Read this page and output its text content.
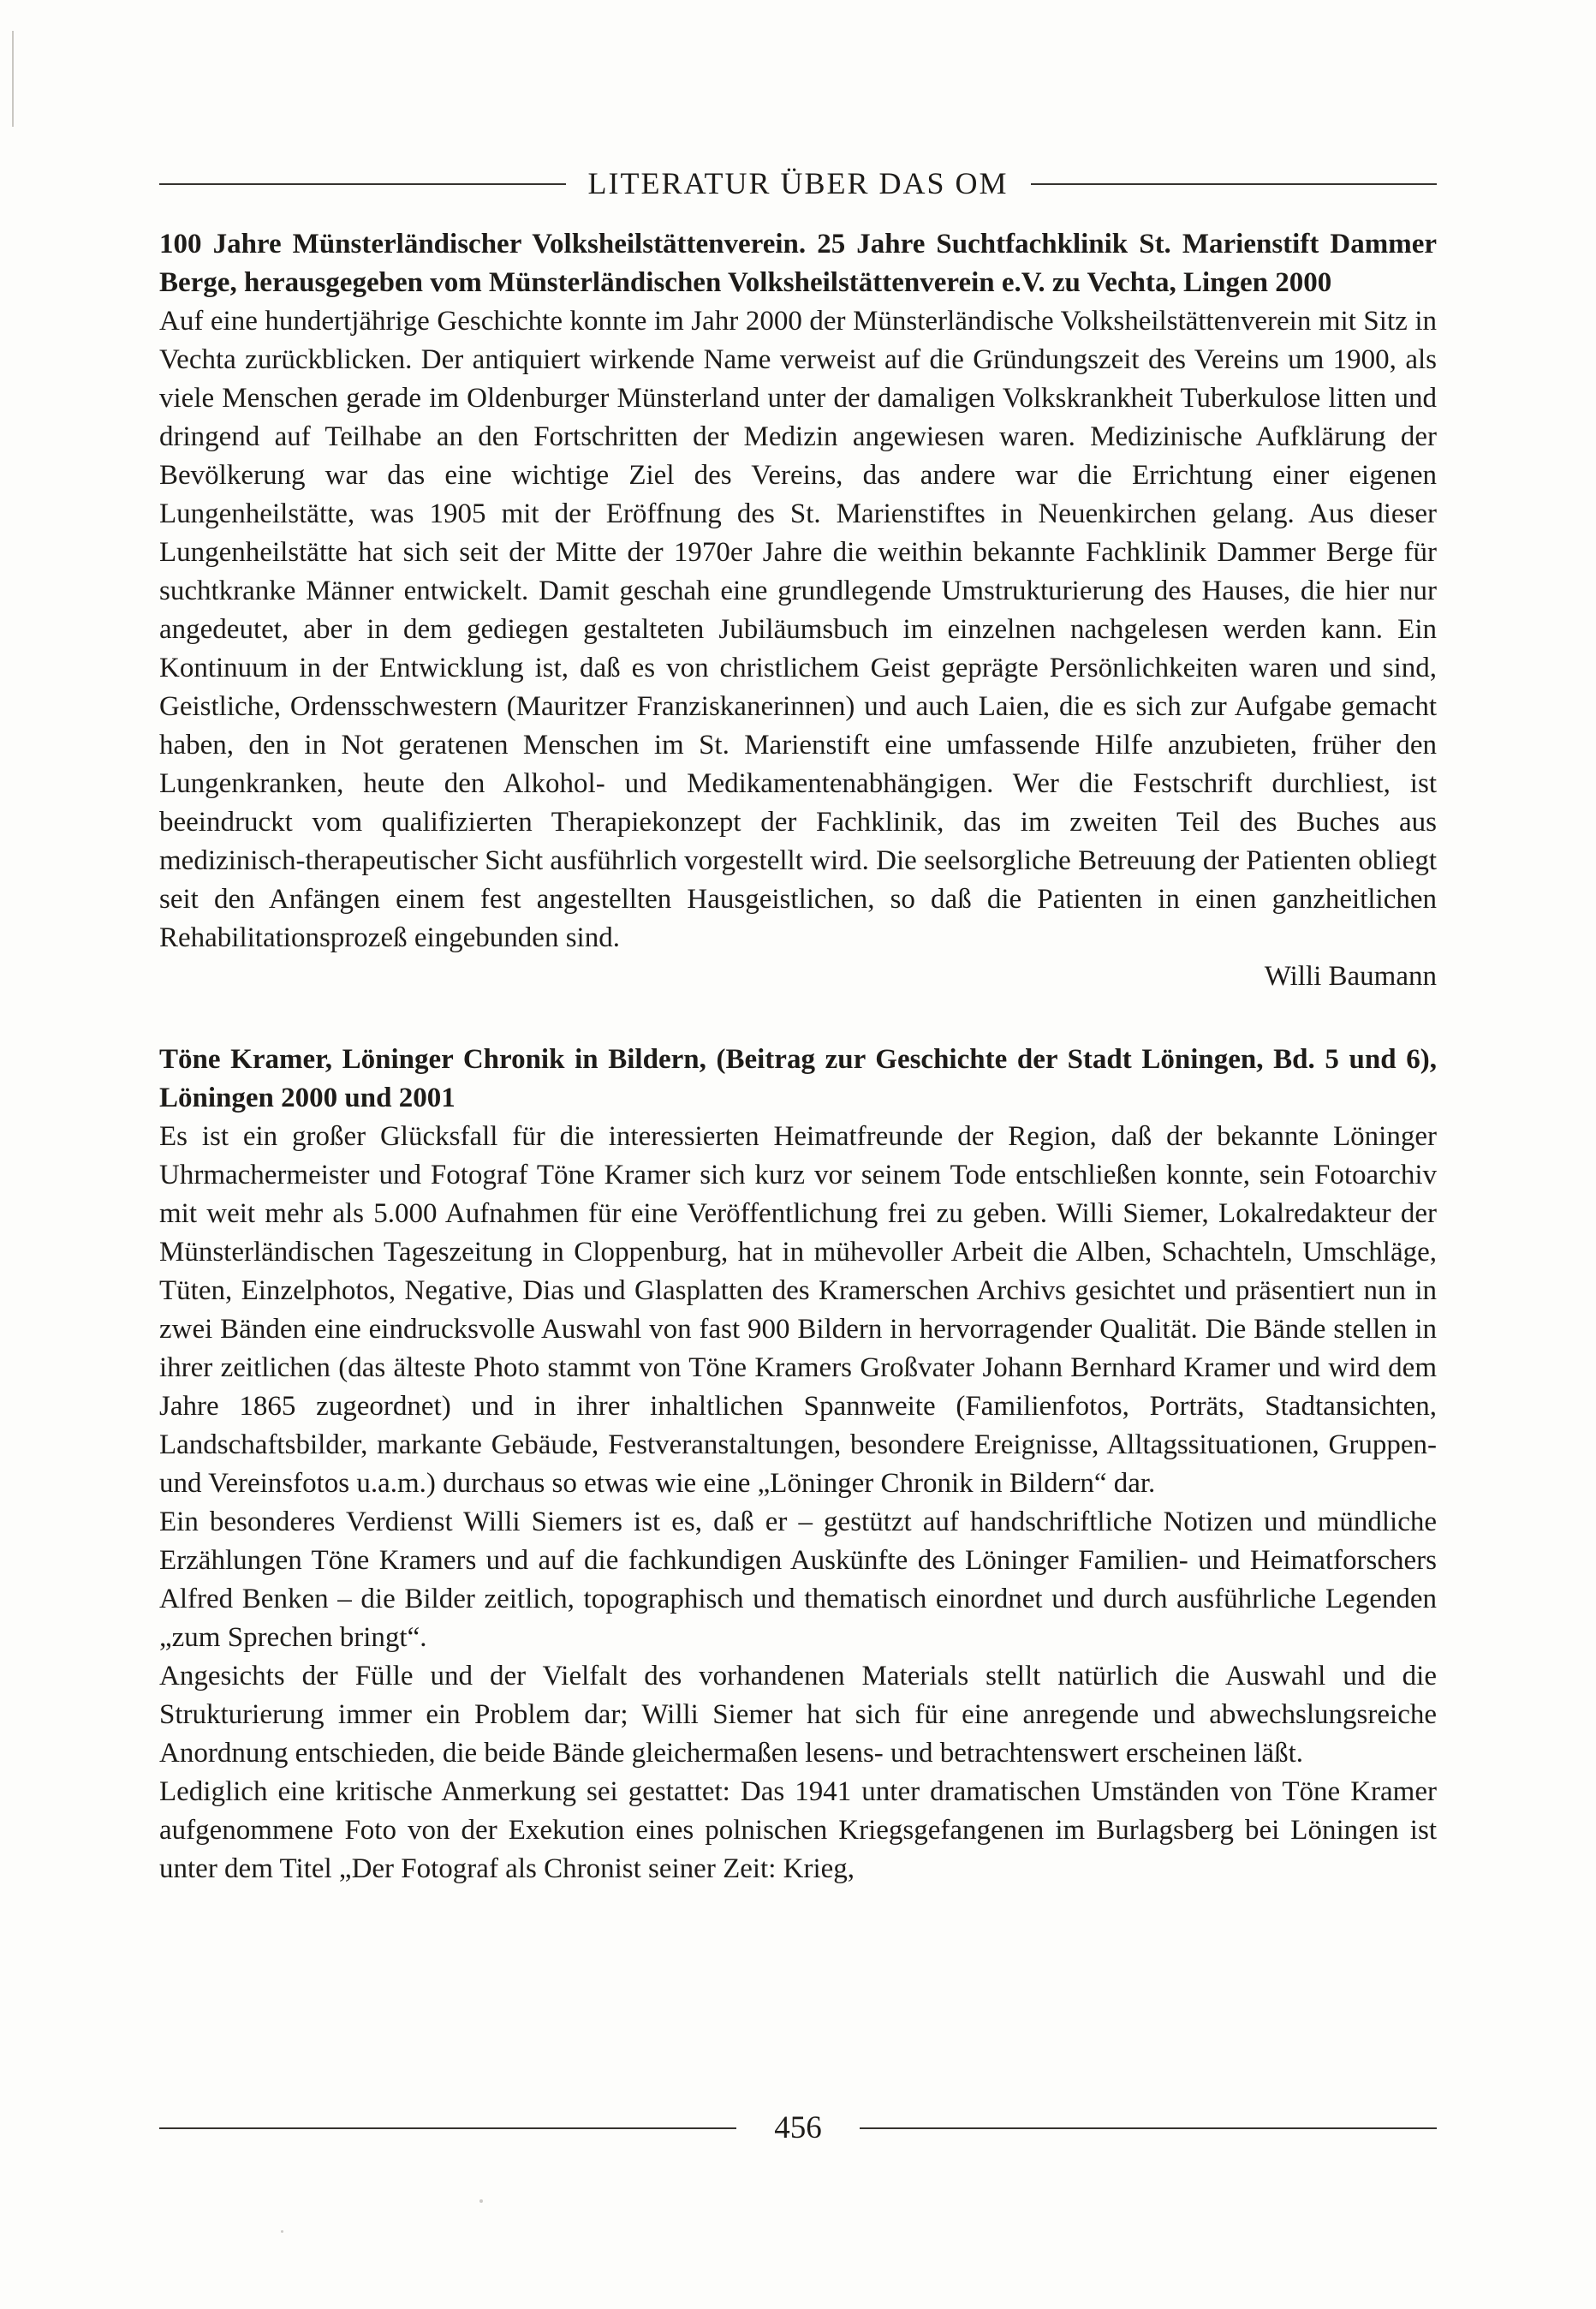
LITERATUR ÜBER DAS OM
100 Jahre Münsterländischer Volksheilstättenverein. 25 Jahre Suchtfachklinik St. Marienstift Dammer Berge, herausgegeben vom Münsterländischen Volksheilstättenverein e.V. zu Vechta, Lingen 2000

Auf eine hundertjährige Geschichte konnte im Jahr 2000 der Münsterländische Volksheilstättenverein mit Sitz in Vechta zurückblicken. Der antiquiert wirkende Name verweist auf die Gründungszeit des Vereins um 1900, als viele Menschen gerade im Oldenburger Münsterland unter der damaligen Volkskrankheit Tuberkulose litten und dringend auf Teilhabe an den Fortschritten der Medizin angewiesen waren. Medizinische Aufklärung der Bevölkerung war das eine wichtige Ziel des Vereins, das andere war die Errichtung einer eigenen Lungenheilstätte, was 1905 mit der Eröffnung des St. Marienstiftes in Neuenkirchen gelang. Aus dieser Lungenheilstätte hat sich seit der Mitte der 1970er Jahre die weithin bekannte Fachklinik Dammer Berge für suchtkranke Männer entwickelt. Damit geschah eine grundlegende Umstrukturierung des Hauses, die hier nur angedeutet, aber in dem gediegen gestalteten Jubiläumsbuch im einzelnen nachgelesen werden kann. Ein Kontinuum in der Entwicklung ist, daß es von christlichem Geist geprägte Persönlichkeiten waren und sind, Geistliche, Ordensschwestern (Mauritzer Franziskanerinnen) und auch Laien, die es sich zur Aufgabe gemacht haben, den in Not geratenen Menschen im St. Marienstift eine umfassende Hilfe anzubieten, früher den Lungenkranken, heute den Alkohol- und Medikamentenabhängigen. Wer die Festschrift durchliest, ist beeindruckt vom qualifizierten Therapiekonzept der Fachklinik, das im zweiten Teil des Buches aus medizinisch-therapeutischer Sicht ausführlich vorgestellt wird. Die seelsorgliche Betreuung der Patienten obliegt seit den Anfängen einem fest angestellten Hausgeistlichen, so daß die Patienten in einen ganzheitlichen Rehabilitationsprozeß eingebunden sind.

Willi Baumann

Töne Kramer, Löninger Chronik in Bildern, (Beitrag zur Geschichte der Stadt Löningen, Bd. 5 und 6), Löningen 2000 und 2001

Es ist ein großer Glücksfall für die interessierten Heimatfreunde der Region, daß der bekannte Löninger Uhrmachermeister und Fotograf Töne Kramer sich kurz vor seinem Tode entschließen konnte, sein Fotoarchiv mit weit mehr als 5.000 Aufnahmen für eine Veröffentlichung frei zu geben. Willi Siemer, Lokalredakteur der Münsterländischen Tageszeitung in Cloppenburg, hat in mühevoller Arbeit die Alben, Schachteln, Umschläge, Tüten, Einzelphotos, Negative, Dias und Glasplatten des Kramerschen Archivs gesichtet und präsentiert nun in zwei Bänden eine eindrucksvolle Auswahl von fast 900 Bildern in hervorragender Qualität. Die Bände stellen in ihrer zeitlichen (das älteste Photo stammt von Töne Kramers Großvater Johann Bernhard Kramer und wird dem Jahre 1865 zugeordnet) und in ihrer inhaltlichen Spannweite (Familienfotos, Porträts, Stadtansichten, Landschaftsbilder, markante Gebäude, Festveranstaltungen, besondere Ereignisse, Alltagssituationen, Gruppen- und Vereinsfotos u.a.m.) durchaus so etwas wie eine „Löninger Chronik in Bildern“ dar.

Ein besonderes Verdienst Willi Siemers ist es, daß er – gestützt auf handschriftliche Notizen und mündliche Erzählungen Töne Kramers und auf die fachkundigen Auskünfte des Löninger Familien- und Heimatforschers Alfred Benken – die Bilder zeitlich, topographisch und thematisch einordnet und durch ausführliche Legenden „zum Sprechen bringt“.

Angesichts der Fülle und der Vielfalt des vorhandenen Materials stellt natürlich die Auswahl und die Strukturierung immer ein Problem dar; Willi Siemer hat sich für eine anregende und abwechslungsreiche Anordnung entschieden, die beide Bände gleichermaßen lesens- und betrachtenswert erscheinen läßt.

Lediglich eine kritische Anmerkung sei gestattet: Das 1941 unter dramatischen Umständen von Töne Kramer aufgenommene Foto von der Exekution eines polnischen Kriegsgefangenen im Burlagsberg bei Löningen ist unter dem Titel „Der Fotograf als Chronist seiner Zeit: Krieg,

456
